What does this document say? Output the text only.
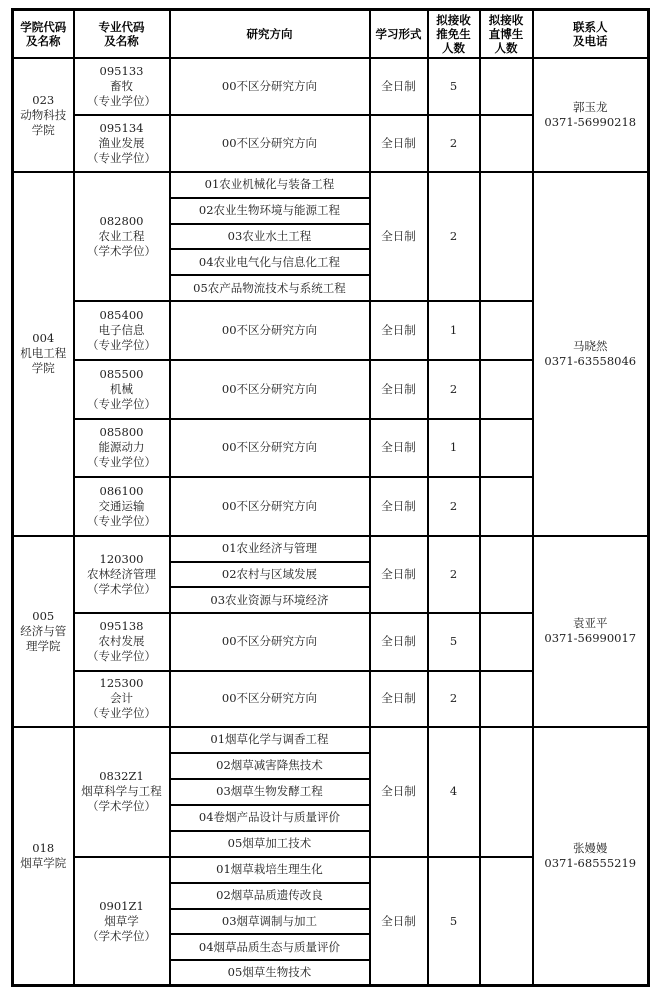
学院代码
及名称	专业代码
及名称	研究方向	学习形式	拟接收
推免生
人数	拟接收
直博生
人数	联系人
及电话

023
动物科技
学院	095133
畜牧
（专业学位）	00不区分研究方向	全日制	5		郭玉龙
0371-56990218

	095134
渔业发展
（专业学位）	00不区分研究方向	全日制	2		

004
机电工程
学院	082800
农业工程
（学术学位）	01农业机械化与装备工程	全日制	2		马晓然
0371-63558046

		02农业生物环境与能源工程				
		03农业水土工程				
		04农业电气化与信息化工程				
		05农产品物流技术与系统工程				

	085400
电子信息
（专业学位）	00不区分研究方向	全日制	1		

	085500
机械
（专业学位）	00不区分研究方向	全日制	2		

	085800
能源动力
（专业学位）	00不区分研究方向	全日制	1		

	086100
交通运输
（专业学位）	00不区分研究方向	全日制	2		

005
经济与管
理学院	120300
农林经济管理
（学术学位）	01农业经济与管理	全日制	2		袁亚平
0371-56990017

		02农村与区域发展				
		03农业资源与环境经济				

	095138
农村发展
（专业学位）	00不区分研究方向	全日制	5		

	125300
会计
（专业学位）	00不区分研究方向	全日制	2		

018
烟草学院	0832Z1
烟草科学与工程
（学术学位）	01烟草化学与调香工程	全日制	4		张嫚嫚
0371-68555219

		02烟草减害降焦技术				
		03烟草生物发酵工程				
		04卷烟产品设计与质量评价				
		05烟草加工技术				

	0901Z1
烟草学
（学术学位）	01烟草栽培生理生化	全日制	5		
		02烟草品质遗传改良				
		03烟草调制与加工				
		04烟草品质生态与质量评价				
		05烟草生物技术				
